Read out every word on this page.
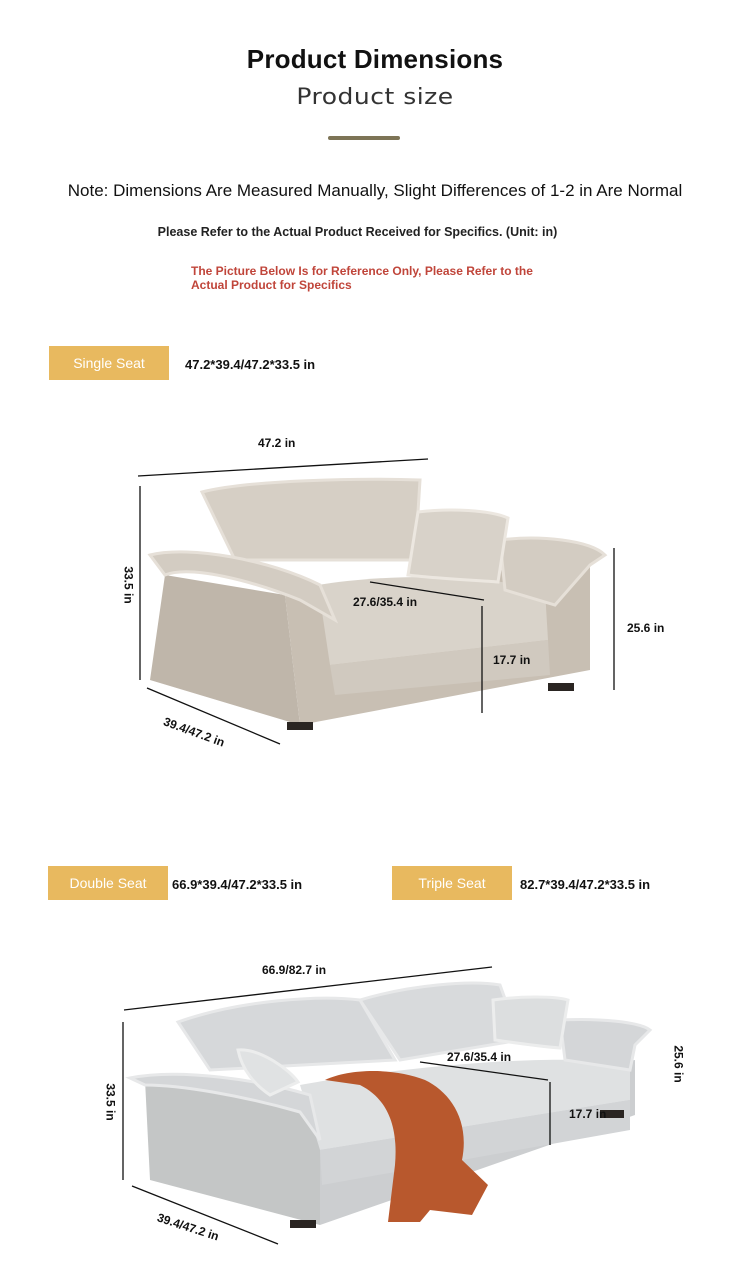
Product Dimensions
Product size
Note: Dimensions Are Measured Manually, Slight Differences of 1-2 in Are Normal
Please Refer to the Actual Product Received for Specifics. (Unit: in)
The Picture Below Is for Reference Only, Please Refer to the Actual Product for Specifics
Single Seat	47.2*39.4/47.2*33.5 in
47.2 in
33.5 in	27.6/35.4 in
25.6 in
17.7 in
39.4/47.2 in
Double Seat	66.9*39.4/47.2*33.5 in	Triple Seat	82.7*39.4/47.2*33.5 in
66.9/82.7 in
33.5 in
27.6/35.4 in	25.6 in
17.7 in
39.4/47.2 in
